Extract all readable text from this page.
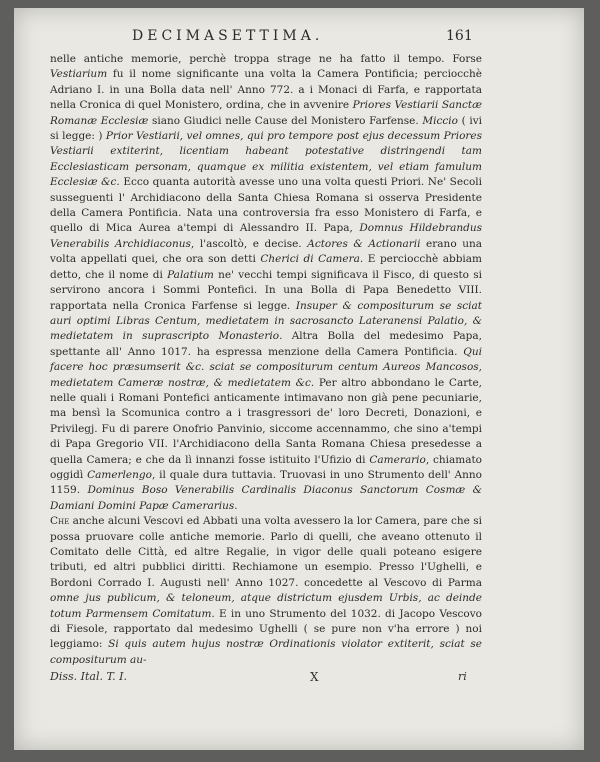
DECIMASETTIMA.	161

nelle antiche memorie, perchè troppa strage ne ha fatto il tempo. Forse Vestiarium fu il nome significante una volta la Camera Pontificia; perciocchè Adriano I. in una Bolla data nell' Anno 772. a i Monaci di Farfa, e rapportata nella Cronica di quel Monistero, ordina, che in avvenire Priores Vestiarii Sanctæ Romanæ Ecclesiæ siano Giudici nelle Cause del Monistero Farfense. Miccio ( ivi si legge: ) Prior Vestiarii, vel omnes, qui pro tempore post ejus decessum Priores Vestiarii extiterint, licentiam habeant potestative distringendi tam Ecclesiasticam personam, quamque ex militia existentem, vel etiam famulum Ecclesiæ &c. Ecco quanta autorità avesse uno una volta questi Priori. Ne' Secoli susseguenti l' Archidiacono della Santa Chiesa Romana si osserva Presidente della Camera Pontificia. Nata una controversia fra esso Monistero di Farfa, e quello di Mica Aurea a'tempi di Alessandro II. Papa, Domnus Hildebrandus Venerabilis Archidiaconus, l'ascoltò, e decise. Actores & Actionarii erano una volta appellati quei, che ora son detti Cherici di Camera. E perciocchè abbiam detto, che il nome di Palatium ne' vecchi tempi significava il Fisco, di questo si servirono ancora i Sommi Pontefici. In una Bolla di Papa Benedetto VIII. rapportata nella Cronica Farfense si legge. Insuper & compositurum se sciat auri optimi Libras Centum, medietatem in sacrosancto Lateranensi Palatio, & medietatem in suprascripto Monasterio. Altra Bolla del medesimo Papa, spettante all' Anno 1017. ha espressa menzione della Camera Pontificia. Qui facere hoc præsumserit &c. sciat se compositurum centum Aureos Mancosos, medietatem Cameræ nostræ, & medietatem &c. Per altro abbondano le Carte, nelle quali i Romani Pontefici anticamente intimavano non già pene pecuniarie, ma bensì la Scomunica contro a i trasgressori de' loro Decreti, Donazioni, e Privilegj. Fu di parere Onofrio Panvinio, siccome accennammo, che sino a'tempi di Papa Gregorio VII. l'Archidiacono della Santa Romana Chiesa presedesse a quella Camera; e che da lì innanzi fosse istituito l'Ufizio di Camerario, chiamato oggidì Camerlengo, il quale dura tuttavia. Truovasi in uno Strumento dell' Anno 1159. Dominus Boso Venerabilis Cardinalis Diaconus Sanctorum Cosmæ & Damiani Domini Papæ Camerarius.

Che anche alcuni Vescovi ed Abbati una volta avessero la lor Camera, pare che si possa pruovare colle antiche memorie. Parlo di quelli, che aveano ottenuto il Comitato delle Città, ed altre Regalie, in vigor delle quali poteano esigere tributi, ed altri pubblici diritti. Rechiamone un esempio. Presso l'Ughelli, e Bordoni Corrado I. Augusti nell' Anno 1027. concedette al Vescovo di Parma omne jus publicum, & teloneum, atque districtum ejusdem Urbis, ac deinde totum Parmensem Comitatum. E in uno Strumento del 1032. di Jacopo Vescovo di Fiesole, rapportato dal medesimo Ughelli ( se pure non v'ha errore ) noi leggiamo: Si quis autem hujus nostræ Ordinationis violator extiterit, sciat se compositurum au-

Diss. Ital. T. I.	X	ri
